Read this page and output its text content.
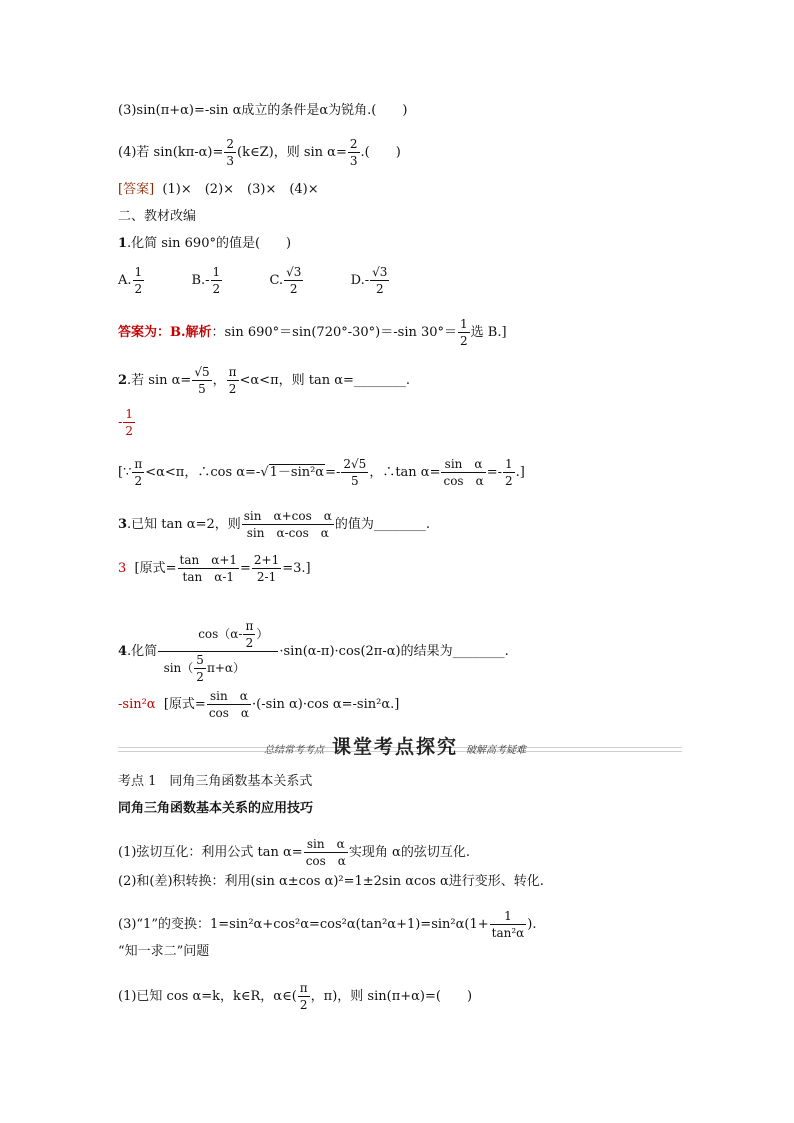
(3)sin(π+α)=-sin α成立的条件是α为锐角.(　　)
(4)若 $\sin(k\pi-\alpha)= \frac{2}{3}$ (k∈Z)，则 $\sin \alpha= \frac{2}{3}$ .(　　)
[答案] (1)×　(2)×　(3)×　(4)×
二、教材改编
1.化简 sin 690°的值是(　　)
A. $\frac{1}{2}$	$B.- \frac{1}{2}$	C. $\frac{√3}{2}$	$D.- \frac{√3}{2}$
答案为：B.解析：sin 690°＝sin(720°-30°)＝-sin $30^\circ= \frac{1}{2}$ 选 B.]
2.若 $\sin \alpha= \frac{√5}{5}$ ， $\frac{\pi}{2} <\alpha<\pi$，则 tan α=________.
- $\frac{1}{2}$
[∵ $\frac{\pi}{2} <\alpha<\pi$，∴cos $\alpha=-√1-\sin^2\alpha=- \frac{2√5}{5}$ ，∴tan $\alpha= \frac{\text{sin　α}}{\text{cos　α}} =- \frac{1}{2}$ .]
3.已知 tan α=2，则 $\frac{\text{sin　α+cos　α}}{\text{sin　α-cos　α}}$ 的值为________.
3 [原式= $\frac{\text{tan　α+1}}{\text{tan　α-1}} = \frac{2+1}{2-1} =3$.]
4.化简 $\frac{\cos(\alpha- \frac{\pi}{2} )}{\sin( \frac{5}{2} \pi+\alpha)} \cdot\sin(\alpha-\pi)\cdot\cos(2\pi-\alpha)$的结果为________.
-sin²α [原式= $\frac{\text{sin　α}}{\text{cos　α}} \cdot(-\sin$ α)·cos α=-sin²α.]
总结常考考点 课堂考点探究 破解高考疑难
考点 1　同角三角函数基本关系式
同角三角函数基本关系的应用技巧
(1)弦切互化：利用公式 $\tan \alpha= \frac{\text{sin　α}}{\text{cos　α}}$ 实现角 α的弦切互化.
(2)和(差)积转换：利用(sin α±cos α)²=1±2sin αcos α进行变形、转化.
(3)“1”的变换：$1=\sin^2\alpha+\cos^2\alpha=\cos^2\alpha(\tan^2\alpha+1)=\sin^2\alpha(1+ \frac{1}{\text{tan²α}}$ ).
“知一求二”问题
(1)已知 cos α=k，k∈R，α∈( $\frac{\pi}{2}$ ，π)，则 sin(π+α)=(　　)
